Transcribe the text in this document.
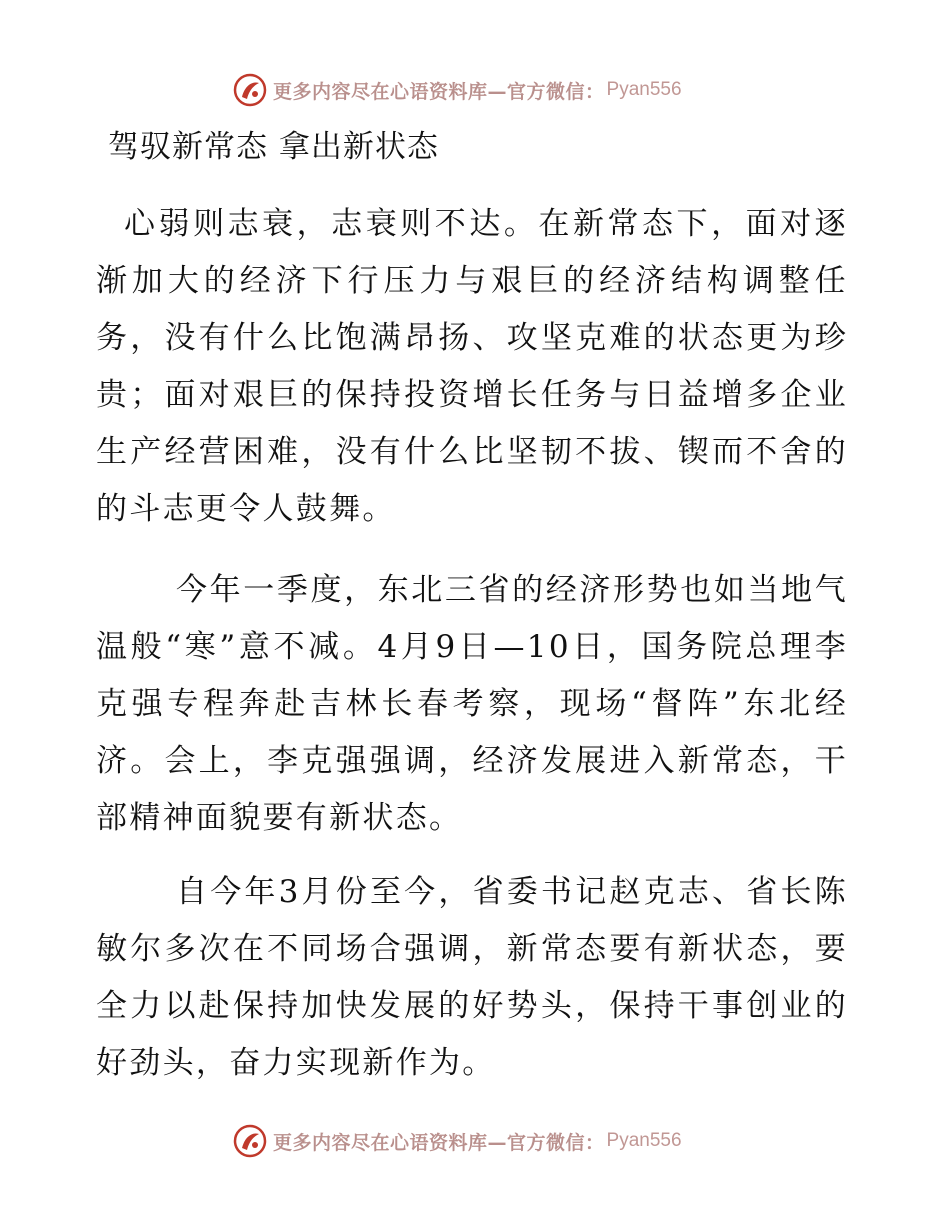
更多内容尽在心语资料库—官方微信： Pyan556
驾驭新常态 拿出新状态

心弱则志衰，志衰则不达。在新常态下，面对逐渐加大的经济下行压力与艰巨的经济结构调整任务，没有什么比饱满昂扬、攻坚克难的状态更为珍贵；面对艰巨的保持投资增长任务与日益增多企业生产经营困难，没有什么比坚韧不拔、锲而不舍的的斗志更令人鼓舞。

今年一季度，东北三省的经济形势也如当地气温般“寒”意不减。4月9日—10日，国务院总理李克强专程奔赴吉林长春考察，现场“督阵”东北经济。会上，李克强强调，经济发展进入新常态，干部精神面貌要有新状态。

自今年3月份至今，省委书记赵克志、省长陈敏尔多次在不同场合强调，新常态要有新状态，要全力以赴保持加快发展的好势头，保持干事创业的好劲头，奋力实现新作为。

更多内容尽在心语资料库—官方微信： Pyan556
